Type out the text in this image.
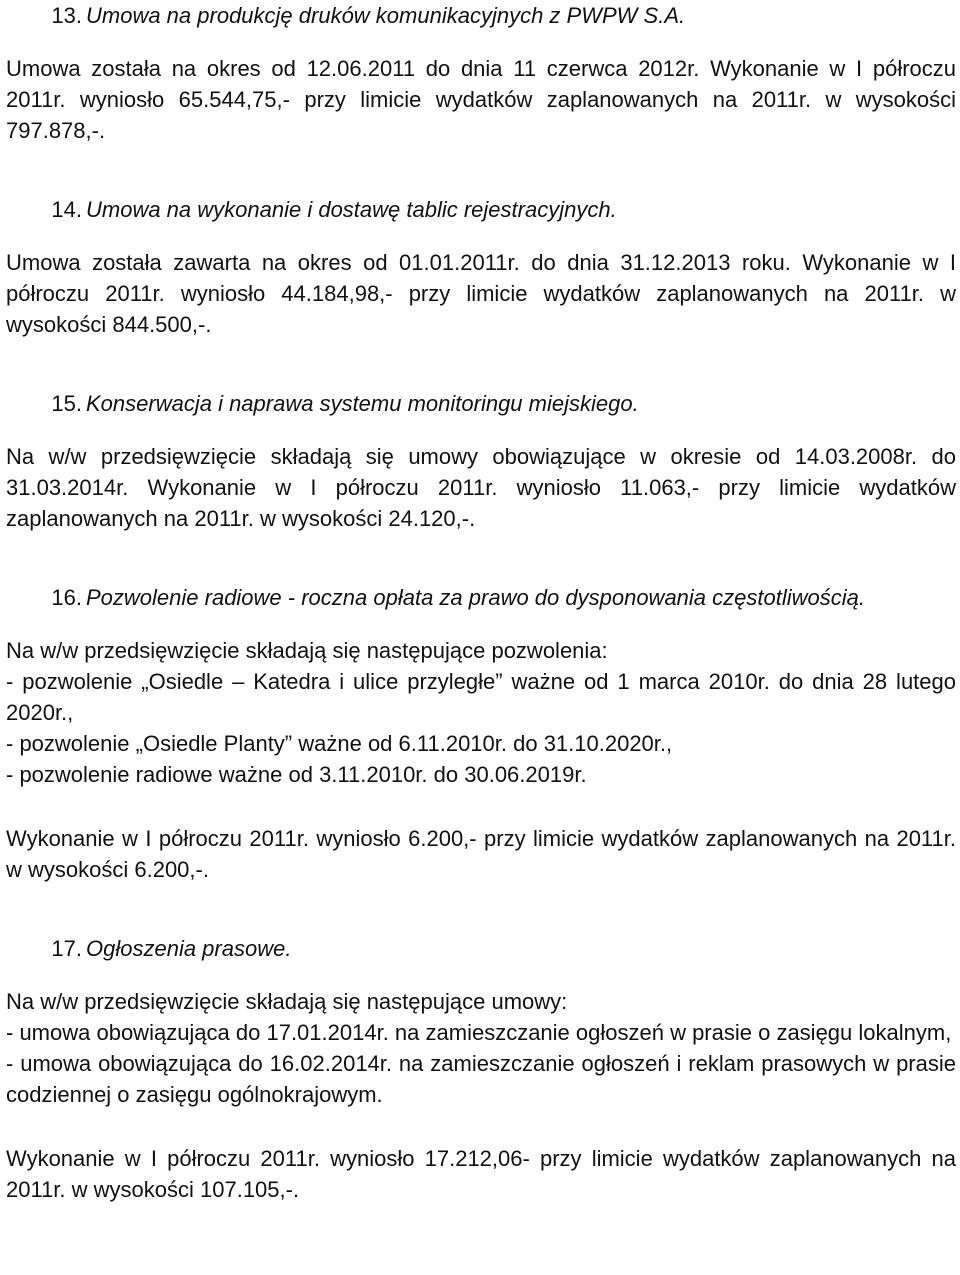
13. Umowa na produkcję druków komunikacyjnych z PWPW S.A.
Umowa została na okres od 12.06.2011 do dnia 11 czerwca 2012r. Wykonanie w I półroczu 2011r. wyniosło 65.544,75,- przy limicie wydatków zaplanowanych na 2011r. w wysokości 797.878,-.
14. Umowa na wykonanie i dostawę tablic rejestracyjnych.
Umowa została zawarta na okres od 01.01.2011r. do dnia 31.12.2013 roku. Wykonanie w I półroczu 2011r. wyniosło 44.184,98,- przy limicie wydatków zaplanowanych na 2011r. w wysokości 844.500,-.
15. Konserwacja i naprawa systemu monitoringu miejskiego.
Na w/w przedsięwzięcie składają się umowy obowiązujące w okresie od 14.03.2008r. do 31.03.2014r. Wykonanie w I półroczu 2011r. wyniosło 11.063,- przy limicie wydatków zaplanowanych na 2011r. w wysokości 24.120,-.
16. Pozwolenie radiowe - roczna opłata za prawo do dysponowania częstotliwością.
Na w/w przedsięwzięcie składają się następujące pozwolenia:
- pozwolenie „Osiedle – Katedra i ulice przyległe” ważne od 1 marca 2010r. do dnia 28 lutego 2020r.,
- pozwolenie „Osiedle Planty” ważne od 6.11.2010r. do 31.10.2020r.,
- pozwolenie radiowe ważne od 3.11.2010r. do 30.06.2019r.
Wykonanie w I półroczu 2011r. wyniosło 6.200,- przy limicie wydatków zaplanowanych na 2011r. w wysokości 6.200,-.
17. Ogłoszenia prasowe.
Na w/w przedsięwzięcie składają się następujące umowy:
- umowa obowiązująca do 17.01.2014r. na zamieszczanie ogłoszeń w prasie o zasięgu lokalnym,
- umowa obowiązująca do 16.02.2014r. na zamieszczanie ogłoszeń i reklam prasowych w prasie codziennej o zasięgu ogólnokrajowym.
Wykonanie w I półroczu 2011r. wyniosło 17.212,06- przy limicie wydatków zaplanowanych na 2011r. w wysokości 107.105,-.
